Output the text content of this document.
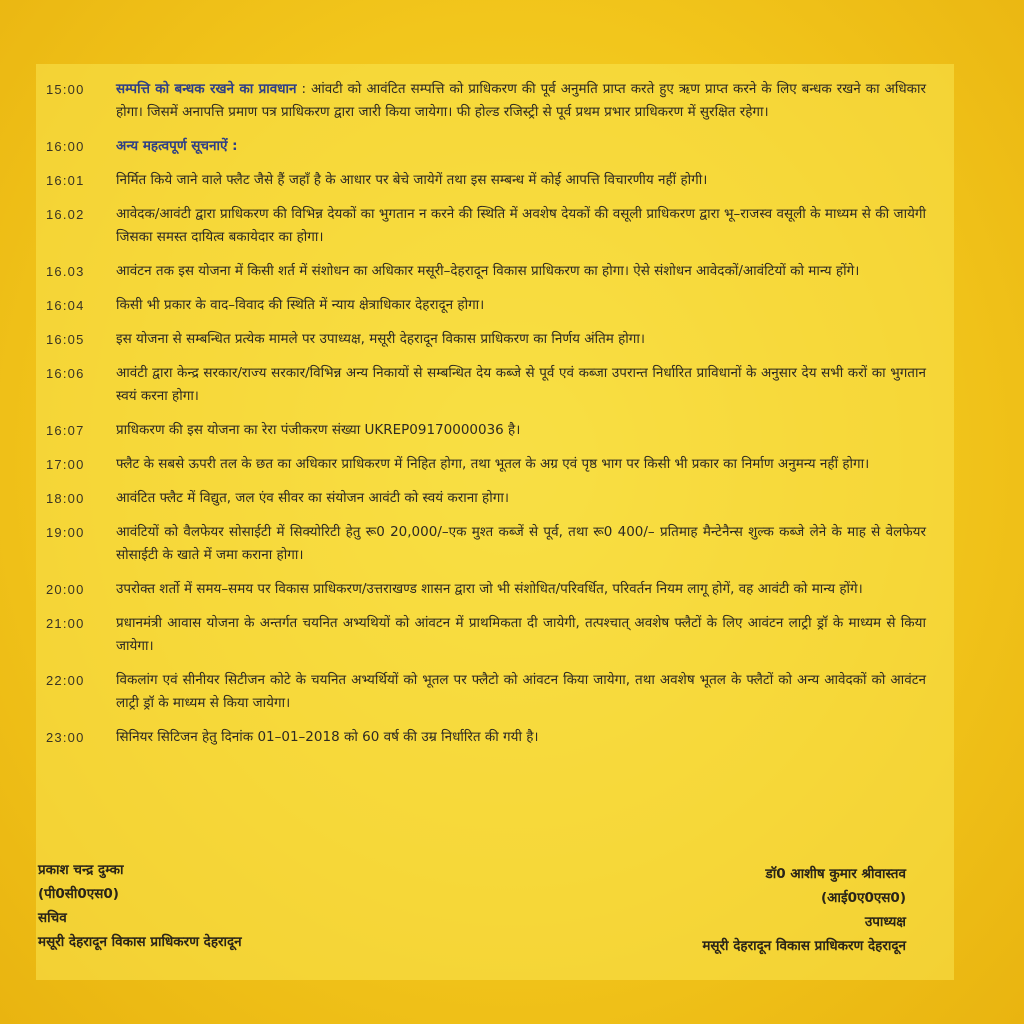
15:00	सम्पत्ति को बन्धक रखने का प्रावधान : आंवटी को आवंटित सम्पत्ति को प्राधिकरण की पूर्व अनुमति प्राप्त करते हुए ऋण प्राप्त करने के लिए बन्धक रखने का अधिकार होगा। जिसमें अनापत्ति प्रमाण पत्र प्राधिकरण द्वारा जारी किया जायेगा। फी होल्ड रजिस्ट्री से पूर्व प्रथम प्रभार प्राधिकरण में सुरक्षित रहेगा।
16:00	अन्य महत्वपूर्ण सूचनाऐं :
16:01	निर्मित किये जाने वाले फ्लैट जैसे हैं जहाँ है के आधार पर बेचे जायेगें तथा इस सम्बन्ध में कोई आपत्ति विचारणीय नहीं होगी।
16.02	आवेदक/आवंटी द्वारा प्राधिकरण की विभिन्न देयकों का भुगतान न करने की स्थिति में अवशेष देयकों की वसूली प्राधिकरण द्वारा भू–राजस्व वसूली के माध्यम से की जायेगी जिसका समस्त दायित्व बकायेदार का होगा।
16.03	आवंटन तक इस योजना में किसी शर्त में संशोधन का अधिकार मसूरी–देहरादून विकास प्राधिकरण का होगा। ऐसे संशोधन आवेदकों/आवंटियों को मान्य होंगे।
16:04	किसी भी प्रकार के वाद–विवाद की स्थिति में न्याय क्षेत्राधिकार देहरादून होगा।
16:05	इस योजना से सम्बन्धित प्रत्येक मामले पर उपाध्यक्ष, मसूरी देहरादून विकास प्राधिकरण का निर्णय अंतिम होगा।
16:06	आवंटी द्वारा केन्द्र सरकार/राज्य सरकार/विभिन्न अन्य निकायों से सम्बन्धित देय कब्जे से पूर्व एवं कब्जा उपरान्त निर्धारित प्राविधानों के अनुसार देय सभी करों का भुगतान स्वयं करना होगा।
16:07	प्राधिकरण की इस योजना का रेरा पंजीकरण संख्या UKREP09170000036 है।
17:00	फ्लैट के सबसे ऊपरी तल के छत का अधिकार प्राधिकरण में निहित होगा, तथा भूतल के अग्र एवं पृष्ठ भाग पर किसी भी प्रकार का निर्माण अनुमन्य नहीं होगा।
18:00	आवंटित फ्लैट में विद्युत, जल एंव सीवर का संयोजन आवंटी को स्वयं कराना होगा।
19:00	आवंटियों को वैलफेयर सोसाईटी में सिक्योरिटी हेतु रू0 20,000/–एक मुश्त कब्जें से पूर्व, तथा रू0 400/– प्रतिमाह मैन्टेनैन्स शुल्क कब्जे लेने के माह से वेलफेयर सोसाईटी के खाते में जमा कराना होगा।
20:00	उपरोक्त शर्तो में समय–समय पर विकास प्राधिकरण/उत्तराखण्ड शासन द्वारा जो भी संशोधित/परिवर्धित, परिवर्तन नियम लागू होगें, वह आवंटी को मान्य होंगे।
21:00	प्रधानमंत्री आवास योजना के अन्तर्गत चयनित अभ्यथियों को आंवटन में प्राथमिकता दी जायेगी, तत्पश्चात् अवशेष फ्लैटों के लिए आवंटन लाट्री ड्रॉ के माध्यम से किया जायेगा।
22:00	विकलांग एवं सीनीयर सिटीजन कोटे के चयनित अभ्यर्थियों को भूतल पर फ्लैटो को आंवटन किया जायेगा, तथा अवशेष भूतल के फ्लैटों को अन्य आवेदकों को आवंटन लाट्री ड्रॉ के माध्यम से किया जायेगा।
23:00	सिनियर सिटिजन हेतु दिनांक 01–01–2018 को 60 वर्ष की उम्र निर्धारित की गयी है।
प्रकाश चन्द्र दुम्का
(पी0सी0एस0)
सचिव
मसूरी देहरादून विकास प्राधिकरण देहरादून
डॉ0 आशीष कुमार श्रीवास्तव
(आई0ए0एस0)
उपाध्यक्ष
मसूरी देहरादून विकास प्राधिकरण देहरादून
